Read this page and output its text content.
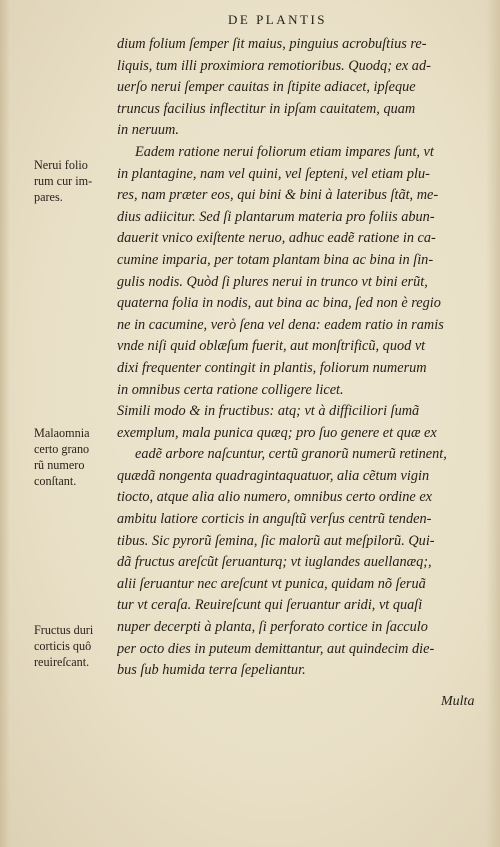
DE PLANTIS
dium folium ſemper ſit maius, pinguius acrobuſtius re-
liquis, tum illi proximiora remotioribus. Quodq; ex ad-
uerſo nerui ſemper cauitas in ſtipite adiacet, ipſeque
truncus facilius inflectitur in ipſam cauitatem, quam
in neruum.
Eadem ratione nerui foliorum etiam impares ſunt, vt
in plantagine, nam vel quini, vel ſepteni, vel etiam plu-
res, nam præter eos, qui bini & bini à lateribus ſtãt, me-
dius adiicitur. Sed ſi plantarum materia pro foliis abun-
dauerit vnico exiſtente neruo, adhuc eadẽ ratione in ca-
cumine imparia, per totam plantam bina ac bina in ſin-
gulis nodis. Quòd ſi plures nerui in trunco vt bini erũt,
quaterna folia in nodis, aut bina ac bina, ſed non è regio
ne in cacumine, verò ſena vel dena: eadem ratio in ramis
vnde niſi quid oblæſum fuerit, aut monſtrificũ, quod vt
dixi frequenter contingit in plantis, foliorum numerum
in omnibus certa ratione colligere licet.
Simili modo & in fructibus: atq; vt à difficiliori ſumã
exemplum, mala punica quæq; pro ſuo genere et quæ ex
eadẽ arbore naſcuntur, certũ granorũ numerũ retinent,
quædã nongenta quadragintaquatuor, alia cẽtum vigin
tiocto, atque alia alio numero, omnibus certo ordine ex
ambitu latiore corticis in anguſtũ verſus centrũ tenden-
tibus. Sic pyrorũ ſemina, ſic malorũ aut meſpilorũ. Qui-
dã fructus areſcũt ſeruanturq; vt iuglandes auellanæq;,
alii ſeruantur nec areſcunt vt punica, quidam nõ ſeruã
tur vt ceraſa. Reuireſcunt qui ſeruantur aridi, vt quaſi
nuper decerpti à planta, ſi perforato cortice in ſacculo
per octo dies in puteum demittantur, aut quindecim die-
bus ſub humida terra ſepeliantur.
Nerui folio
rum cur im-
pares.
Malaomnia
certo grano
rũ numero
conſtant.
Fructus duri
corticis quô
reuireſcant.
Multa
